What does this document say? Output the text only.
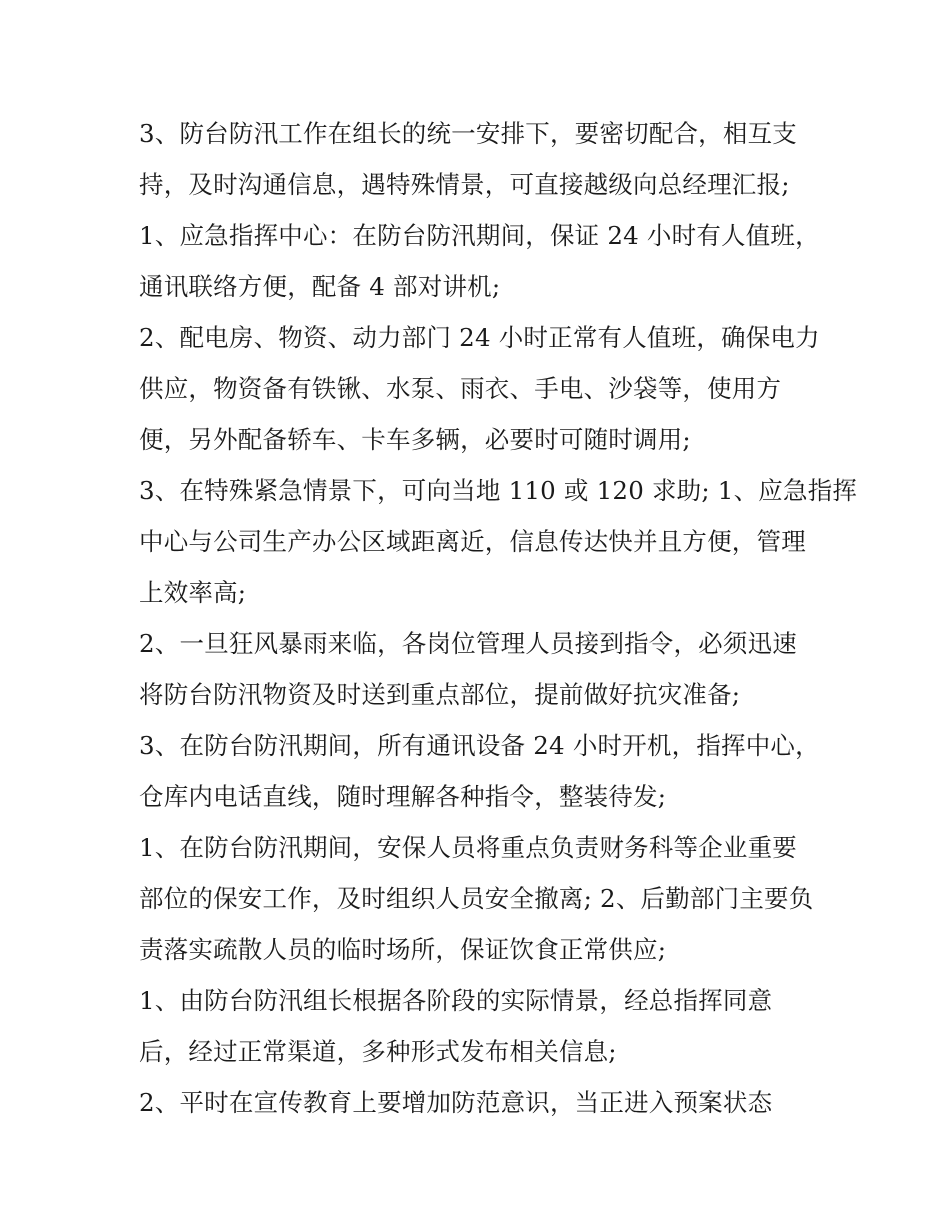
3、防台防汛工作在组长的统一安排下，要密切配合，相互支
持，及时沟通信息，遇特殊情景，可直接越级向总经理汇报;
1、应急指挥中心：在防台防汛期间，保证 24 小时有人值班，
通讯联络方便，配备 4 部对讲机;
2、配电房、物资、动力部门 24 小时正常有人值班，确保电力
供应，物资备有铁锹、水泵、雨衣、手电、沙袋等，使用方
便，另外配备轿车、卡车多辆，必要时可随时调用;
3、在特殊紧急情景下，可向当地 110 或 120 求助; 1、应急指挥
中心与公司生产办公区域距离近，信息传达快并且方便，管理
上效率高;
2、一旦狂风暴雨来临，各岗位管理人员接到指令，必须迅速
将防台防汛物资及时送到重点部位，提前做好抗灾准备;
3、在防台防汛期间，所有通讯设备 24 小时开机，指挥中心，
仓库内电话直线，随时理解各种指令，整装待发;
1、在防台防汛期间，安保人员将重点负责财务科等企业重要
部位的保安工作，及时组织人员安全撤离; 2、后勤部门主要负
责落实疏散人员的临时场所，保证饮食正常供应;
1、由防台防汛组长根据各阶段的实际情景，经总指挥同意
后，经过正常渠道，多种形式发布相关信息;
2、平时在宣传教育上要增加防范意识，当正进入预案状态
